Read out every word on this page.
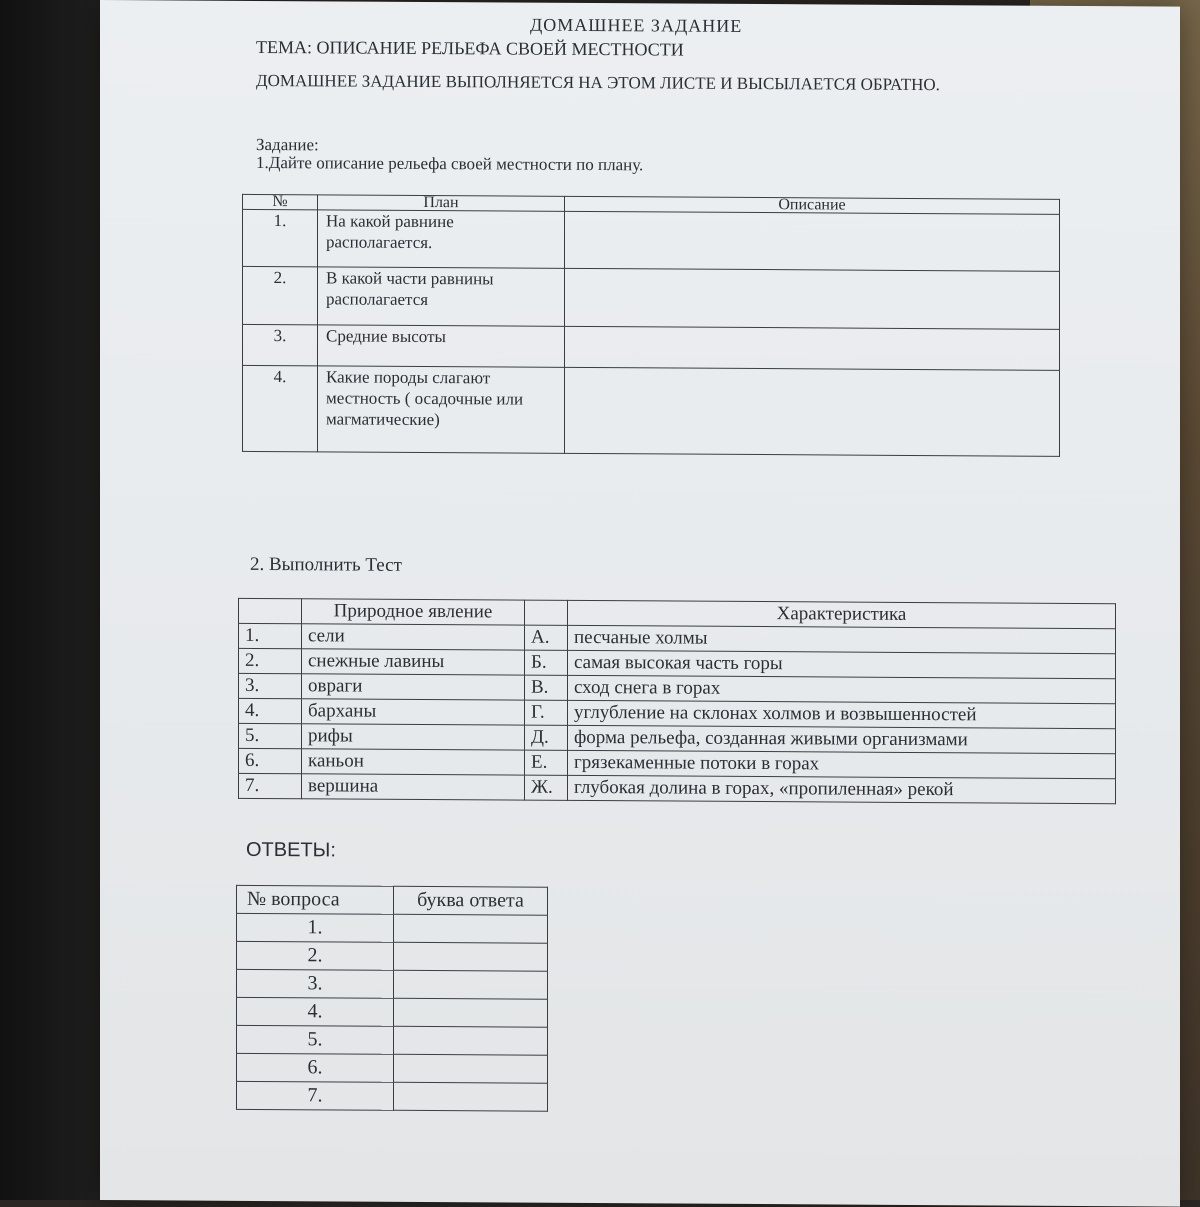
ДОМАШНЕЕ ЗАДАНИЕ
ТЕМА: ОПИСАНИЕ РЕЛЬЕФА СВОЕЙ МЕСТНОСТИ
ДОМАШНЕЕ ЗАДАНИЕ ВЫПОЛНЯЕТСЯ НА ЭТОМ ЛИСТЕ И ВЫСЫЛАЕТСЯ ОБРАТНО.
Задание:
1.Дайте описание рельефа своей местности по плану.
№	План	Описание
1.	На какой равнине располагается.	
2.	В какой части равнины располагается	
3.	Средние высоты	
4.	Какие породы слагают местность ( осадочные или магматические)	
2. Выполнить Тест
	Природное явление		Характеристика
1.	сели	А.	песчаные холмы
2.	снежные лавины	Б.	самая высокая часть горы
3.	овраги	В.	сход снега в горах
4.	барханы	Г.	углубление на склонах холмов и возвышенностей
5.	рифы	Д.	форма рельефа, созданная живыми организмами
6.	каньон	Е.	грязекаменные потоки в горах
7.	вершина	Ж.	глубокая долина в горах, «пропиленная» рекой
ОТВЕТЫ:
№ вопроса	буква ответа
1.	
2.	
3.	
4.	
5.	
6.	
7.	
